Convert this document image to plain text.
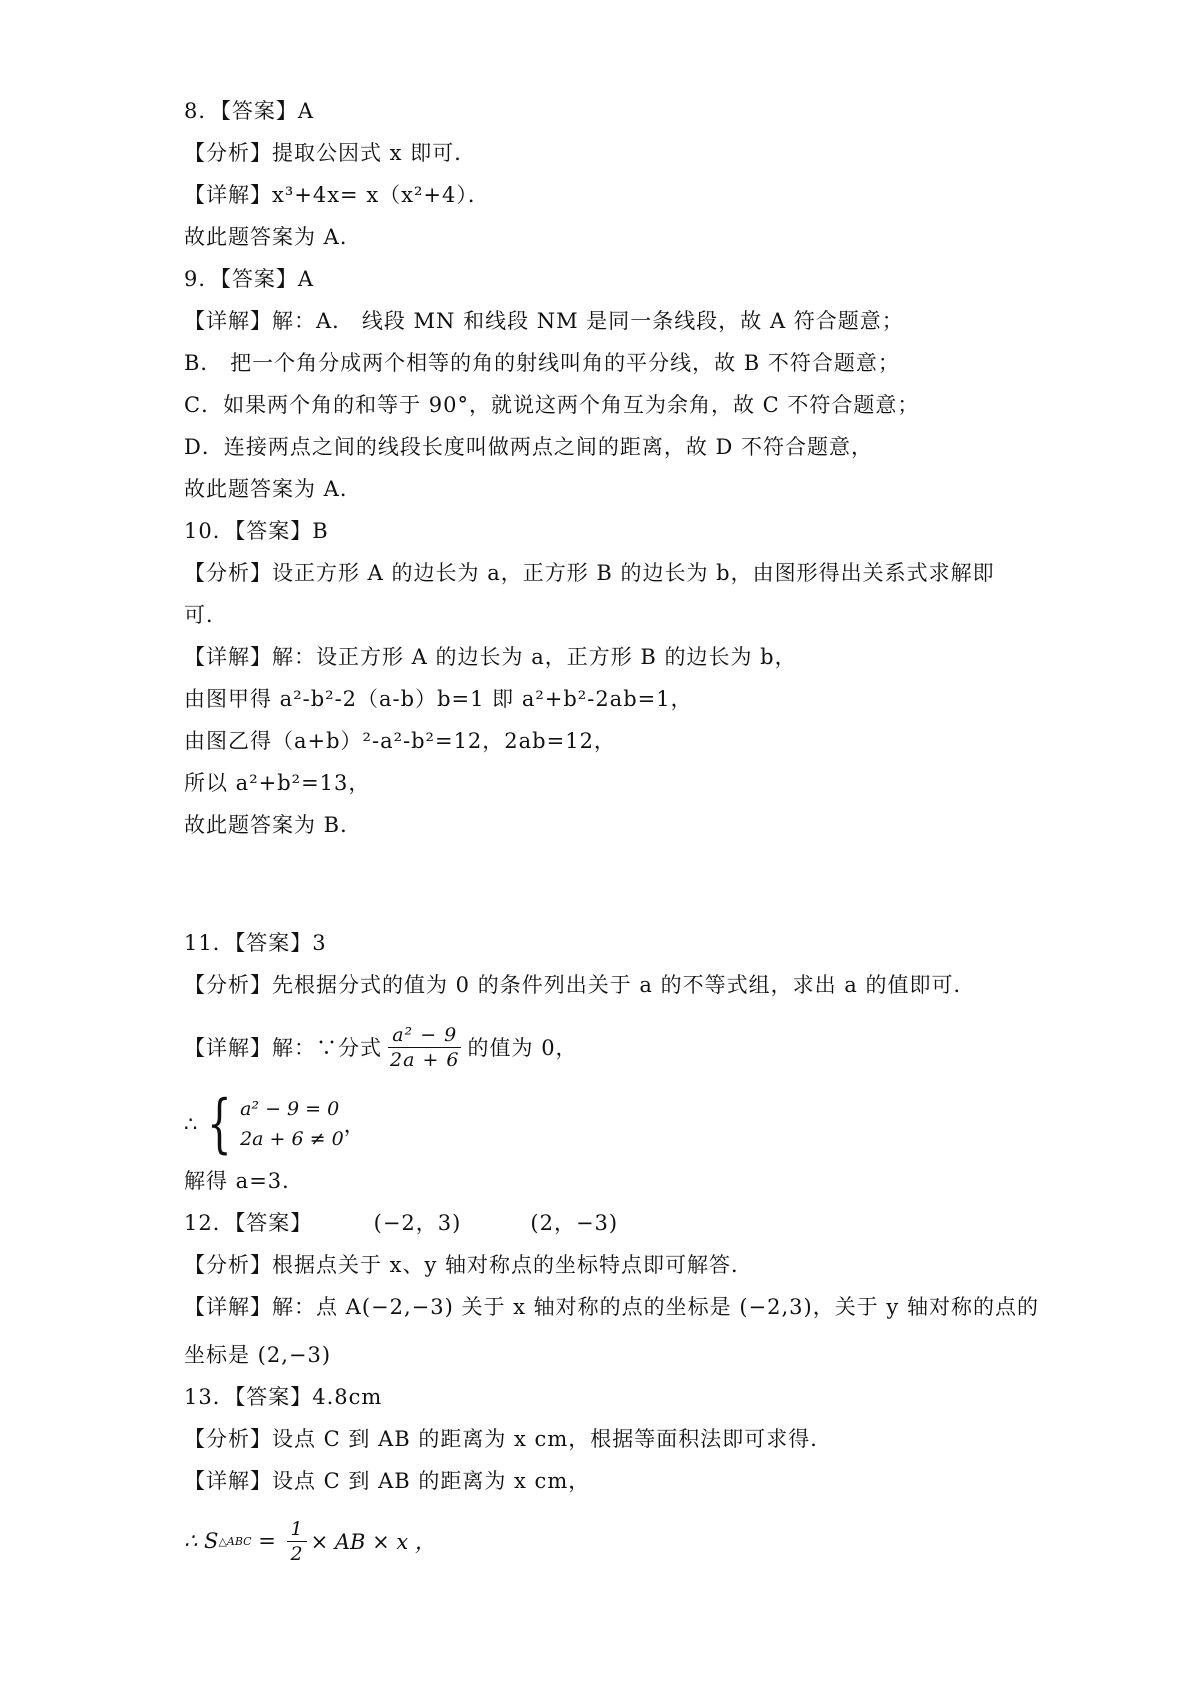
8．【答案】A
【分析】提取公因式 x 即可．
【详解】x³+4x= x（x²+4）．
故此题答案为 A．
9．【答案】A
【详解】解：A． 线段 MN 和线段 NM 是同一条线段，故 A 符合题意；
B． 把一个角分成两个相等的角的射线叫角的平分线，故 B 不符合题意；
C．如果两个角的和等于 90°，就说这两个角互为余角，故 C 不符合题意；
D．连接两点之间的线段长度叫做两点之间的距离，故 D 不符合题意，
故此题答案为 A．
10．【答案】B
【分析】设正方形 A 的边长为 a，正方形 B 的边长为 b，由图形得出关系式求解即
可．
【详解】解：设正方形 A 的边长为 a，正方形 B 的边长为 b，
由图甲得 a²-b²-2（a-b）b=1 即 a²+b²-2ab=1，
由图乙得（a+b）²-a²-b²=12，2ab=12，
所以 a²+b²=13，
故此题答案为 B．
11．【答案】3
【分析】先根据分式的值为 0 的条件列出关于 a 的不等式组，求出 a 的值即可．
【详解】解：∵分式 $\frac{\text{a² − 9}}{2a + 6}$ 的值为 0，
∴ { a² − 9 = 0
2a + 6 ≠ 0
，
解得 a=3．
12．【答案】        (−2，3)         (2，−3)
【分析】根据点关于 x、y 轴对称点的坐标特点即可解答．
【详解】解：点 A(−2,−3) 关于 x 轴对称的点的坐标是 (−2,3)，关于 y 轴对称的点的
坐标是 (2,−3)
13．【答案】4.8cm
【分析】设点 C 到 AB 的距离为 x cm，根据等面积法即可求得．
【详解】设点 C 到 AB 的距离为 x cm，
∴ S △ABC = $\frac{1}{2}$ × AB × x ，
